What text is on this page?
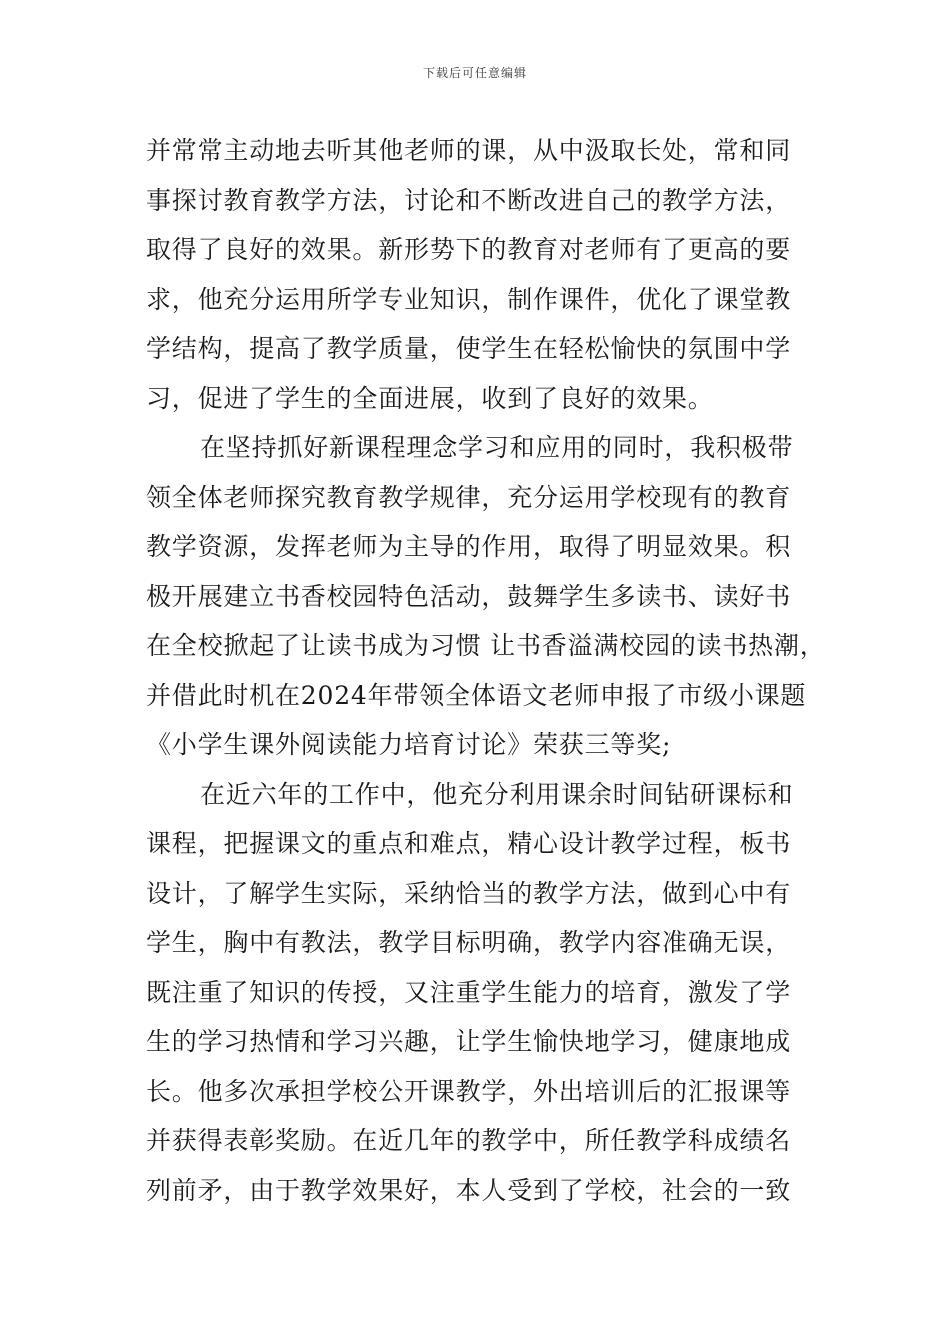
下载后可任意编辑
并常常主动地去听其他老师的课，从中汲取长处，常和同
事探讨教育教学方法，讨论和不断改进自己的教学方法，
取得了良好的效果。新形势下的教育对老师有了更高的要
求，他充分运用所学专业知识，制作课件，优化了课堂教
学结构，提高了教学质量，使学生在轻松愉快的氛围中学
习，促进了学生的全面进展，收到了良好的效果。
在坚持抓好新课程理念学习和应用的同时，我积极带
领全体老师探究教育教学规律，充分运用学校现有的教育
教学资源，发挥老师为主导的作用，取得了明显效果。积
极开展建立书香校园特色活动，鼓舞学生多读书、读好书
在全校掀起了让读书成为习惯 让书香溢满校园的读书热潮，
并借此时机在2024年带领全体语文老师申报了市级小课题
《小学生课外阅读能力培育讨论》荣获三等奖;
在近六年的工作中，他充分利用课余时间钻研课标和
课程，把握课文的重点和难点，精心设计教学过程，板书
设计，了解学生实际，采纳恰当的教学方法，做到心中有
学生，胸中有教法，教学目标明确，教学内容准确无误，
既注重了知识的传授，又注重学生能力的培育，激发了学
生的学习热情和学习兴趣，让学生愉快地学习，健康地成
长。他多次承担学校公开课教学，外出培训后的汇报课等
并获得表彰奖励。在近几年的教学中，所任教学科成绩名
列前矛，由于教学效果好，本人受到了学校，社会的一致
